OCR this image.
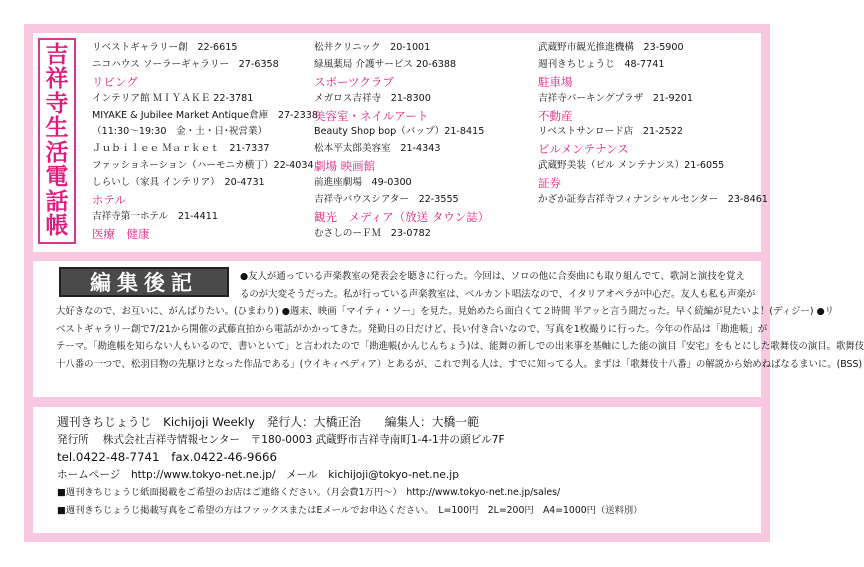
吉
祥
寺
生
活
電
話
帳
リベストギャラリー創　22-6615
ニコハウス ソーラーギャラリー　27-6358
リビング
インテリア館 ＭＩＹＡＫＥ 22-3781
MIYAKE & Jubilee Market Antique倉庫　27-2338
（11:30〜19:30　金・土・日･祝営業）
Ｊｕｂｉｌｅｅ Ｍａｒｋｅｔ　21-7337
ファッショネーション（ハーモニカ横丁）22-4034
しらいし（家具 インテリア）　20-4731
ホテル
吉祥寺第一ホテル　21-4411
医療　健康
松井クリニック　20-1001
緑風薬局 介護サービス 20-6388
スポーツクラブ
メガロス吉祥寺　21-8300
美容室・ネイルアート
Beauty Shop bop（バップ）21-8415
松本平太郎美容室　21-4343
劇場 映画館
前進座劇場　49-0300
吉祥寺バウスシアター　22-3555
観光　メディア（放送 タウン誌）
むさしのーＦＭ　23-0782
武蔵野市観光推進機構　23-5900
週刊きちじょうじ　48-7741
駐車場
吉祥寺パーキングプラザ　21-9201
不動産
リベストサンロード店　21-2522
ビルメンテナンス
武蔵野美装（ビル メンテナンス）21-6055
証券
かざか証券吉祥寺フィナンシャルセンター　23-8461
●友人が通っている声楽教室の発表会を聴きに行った。今回は、ソロの他に合奏曲にも取り組んでて、歌詞と演技を覚え
るのが大変そうだった。私が行っている声楽教室は、ベルカント唱法なので、イタリアオペラが中心だ。友人も私も声楽が
大好きなので、お互いに、がんばりたい。(ひまわり) ●週末、映画「マイティ・ソー」を見た。見始めたら面白くて２時間 半アッと言う間だった。早く続編が見たいよ！(ディジー) ●リ
ベストギャラリー創で7/21から開催の武藤直拍から電話がかかってきた。発勤日の日だけど、長い付き合いなので、写真を1枚撮りに行った。今年の作品は「勘進帳」が
テーマ。「勘進帳を知らない人もいるので、書いといて」と言われたので「勘進帳(かんじんちょう)は、能舞の新しでの出来事を基軸にした能の演目『安宅』をもとにした歌舞伎の演目。歌舞伎
十八番の一つで、松羽目物の先駆けとなった作品である」(ウイキィペディア）とあるが、これで判る人は、すでに知ってる人。まずは「歌舞伎十八番」の解説から始めねばなるまいに。(BSS)
編集後記
週刊きちじょうじ　Kichijoji Weekly　発行人：大橋正治　　編集人：大橋一範
発行所　 株式会社吉祥寺情報センター　〒180-0003 武蔵野市吉祥寺南町1-4-1井の頭ビル7F
tel.0422-48-7741　fax.0422-46-9666
ホームページ　http://www.tokyo-net.ne.jp/　メール　kichijoji@tokyo-net.ne.jp
■週刊きちじょうじ紙面掲載をご希望のお店はご連絡ください。（月会費1万円～）　http://www.tokyo-net.ne.jp/sales/
■週刊きちじょうじ掲載写真をご希望の方はファックスまたはEメールでお申込ください。　L=100円　2L=200円　A4=1000円（送料別）
